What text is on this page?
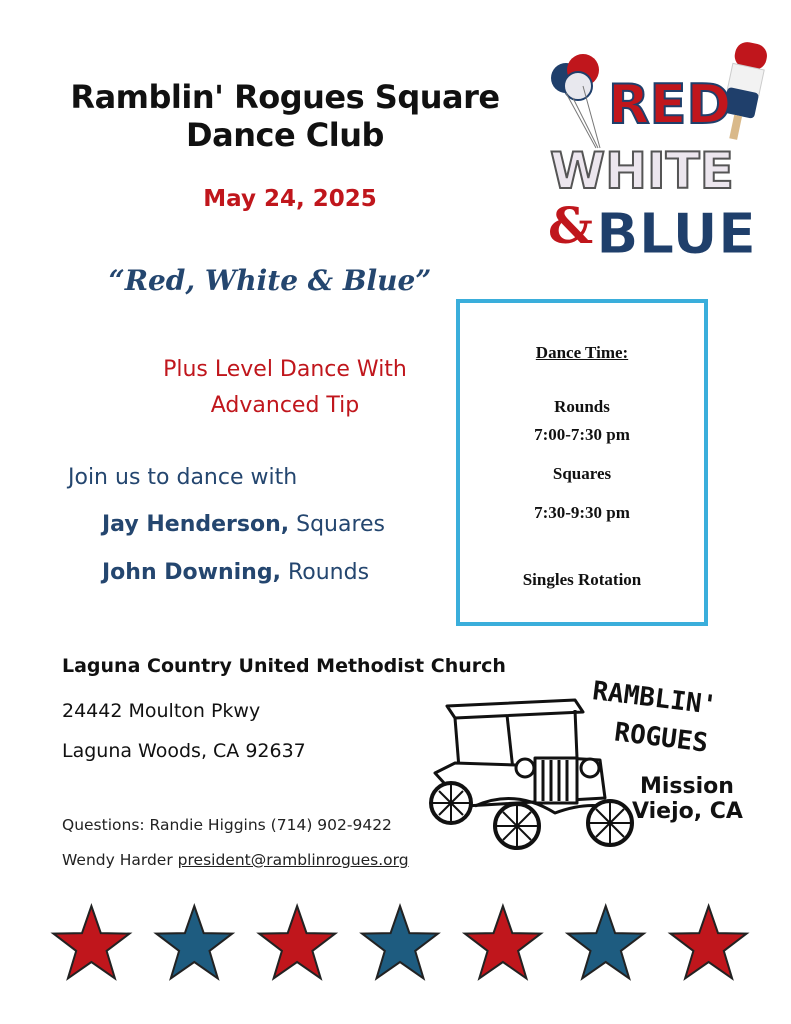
Ramblin' Rogues Square
Dance Club	RED
WHITE
& BLUE
May 24, 2025
“Red, White & Blue”
Plus Level Dance With
Advanced Tip
Join us to dance with
Jay Henderson, Squares
John Downing, Rounds
Dance Time:
Rounds
7:00-7:30 pm
Squares
7:30-9:30 pm
Singles Rotation
Laguna Country United Methodist Church
24442 Moulton Pkwy
Laguna Woods, CA 92637
Questions: Randie Higgins (714) 902-9422
Wendy Harder president@ramblinrogues.org
RAMBLIN'
ROGUES
Mission
Viejo, CA
